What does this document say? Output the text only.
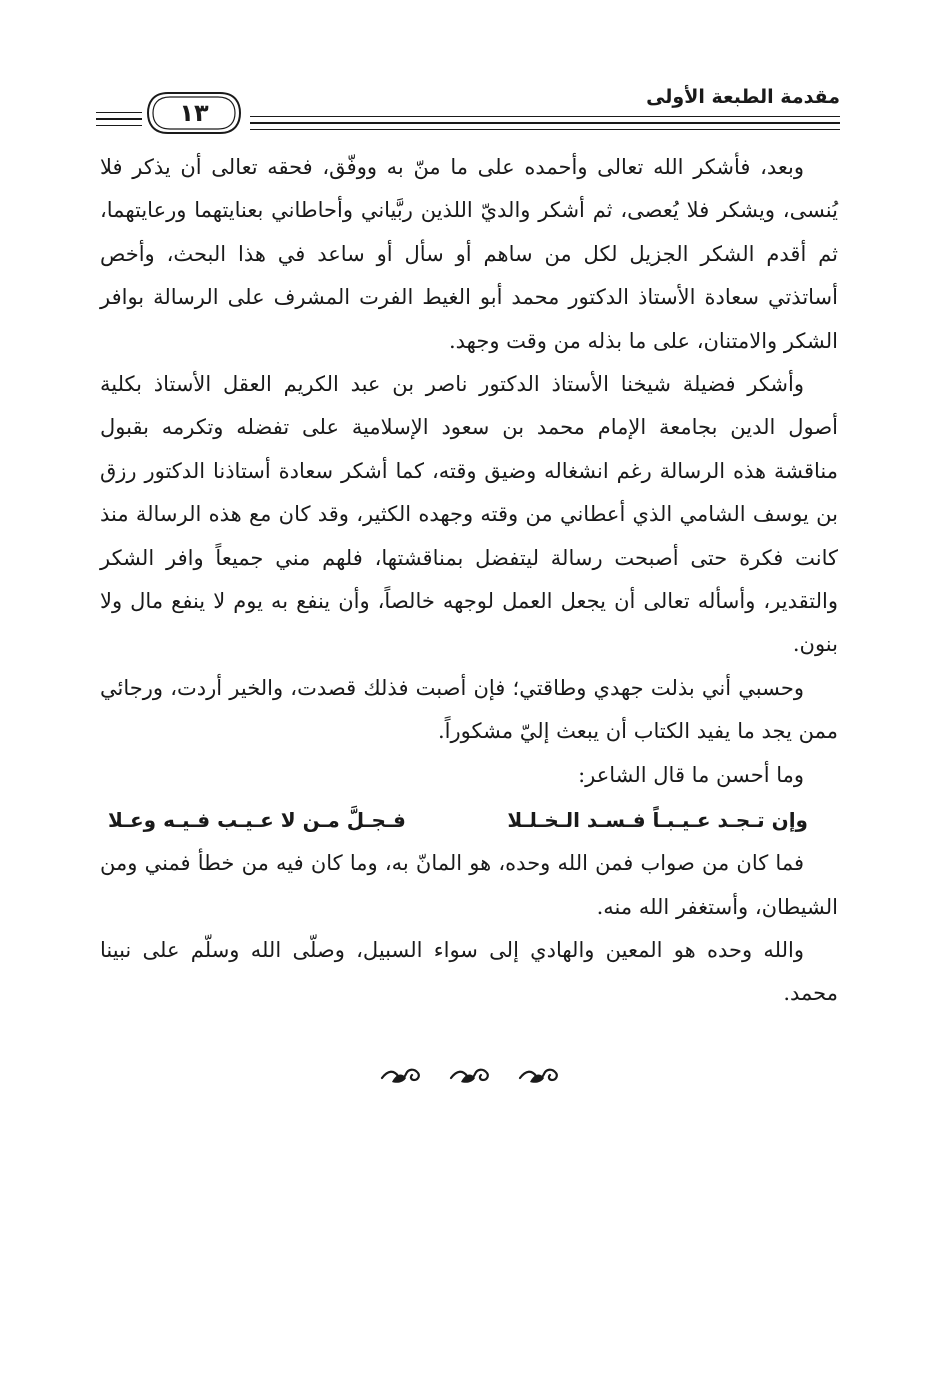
مقدمة الطبعة الأولى
١٣

وبعد، فأشكر الله تعالى وأحمده على ما منّ به ووفّق، فحقه تعالى أن يذكر فلا يُنسى، ويشكر فلا يُعصى، ثم أشكر والديّ اللذين ربَّياني وأحاطاني بعنايتهما ورعايتهما، ثم أقدم الشكر الجزيل لكل من ساهم أو سأل أو ساعد في هذا البحث، وأخص أساتذتي سعادة الأستاذ الدكتور محمد أبو الغيط الفرت المشرف على الرسالة بوافر الشكر والامتنان، على ما بذله من وقت وجهد.

وأشكر فضيلة شيخنا الأستاذ الدكتور ناصر بن عبد الكريم العقل الأستاذ بكلية أصول الدين بجامعة الإمام محمد بن سعود الإسلامية على تفضله وتكرمه بقبول مناقشة هذه الرسالة رغم انشغاله وضيق وقته، كما أشكر سعادة أستاذنا الدكتور رزق بن يوسف الشامي الذي أعطاني من وقته وجهده الكثير، وقد كان مع هذه الرسالة منذ كانت فكرة حتى أصبحت رسالة ليتفضل بمناقشتها، فلهم مني جميعاً وافر الشكر والتقدير، وأسأله تعالى أن يجعل العمل لوجهه خالصاً، وأن ينفع به يوم لا ينفع مال ولا بنون.

وحسبي أني بذلت جهدي وطاقتي؛ فإن أصبت فذلك قصدت، والخير أردت، ورجائي ممن يجد ما يفيد الكتاب أن يبعث إليّ مشكوراً.

وما أحسن ما قال الشاعر:

وإن تـجـد عـيـبـاً فـسـد الـخـلـلا
فـجـلَّ مـن لا عـيـب فـيـه وعـلا

فما كان من صواب فمن الله وحده، هو المانّ به، وما كان فيه من خطأ فمني ومن الشيطان، وأستغفر الله منه.

والله وحده هو المعين والهادي إلى سواء السبيل، وصلّى الله وسلّم على نبينا محمد.
